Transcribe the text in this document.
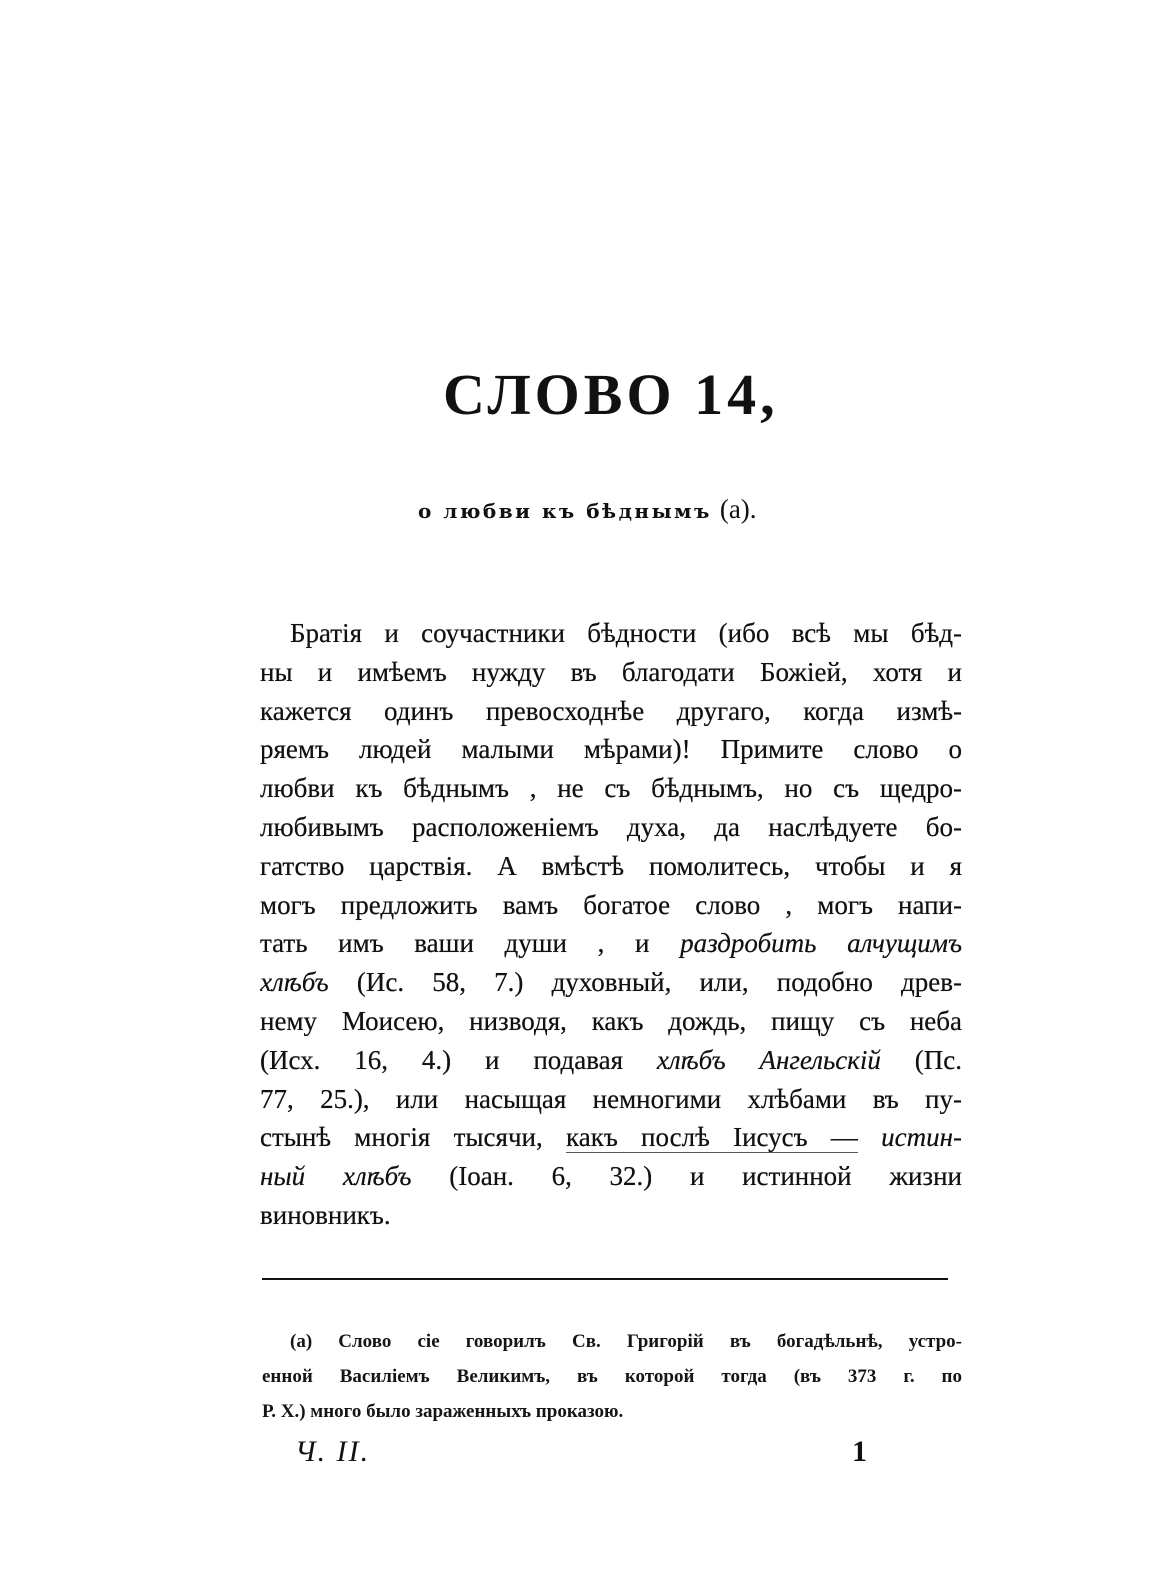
СЛОВО 14,
о любви къ бѣднымъ (а).
Братія и соучастники бѣдности (ибо всѣ мы бѣд-
ны и имѣемъ нужду въ благодати Божіей, хотя и
кажется одинъ превосходнѣе другаго, когда измѣ-
ряемъ людей малыми мѣрами)! Примите слово о
любви къ бѣднымъ , не съ бѣднымъ, но съ щедро-
любивымъ расположеніемъ духа, да наслѣдуете бо-
гатство царствія. А вмѣстѣ помолитесь, чтобы и я
могъ предложить вамъ богатое слово , могъ напи-
тать имъ ваши души , и раздробить алчущимъ
хлѣбъ (Ис. 58, 7.) духовный, или, подобно древ-
нему Моисею, низводя, какъ дождь, пищу съ неба
(Исх. 16, 4.) и подавая хлѣбъ Ангельскій (Пс.
77, 25.), или насыщая немногими хлѣбами въ пу-
стынѣ многія тысячи, какъ послѣ Іисусъ — истин-
ный хлѣбъ (Іоан. 6, 32.) и истинной жизни
виновникъ.
(а) Слово сіе говорилъ Св. Григорій въ богадѣльнѣ, устро-
енной Василіемъ Великимъ, въ которой тогда (въ 373 г. по
Р. Х.) много было зараженныхъ проказою.
Ч. II.	1
